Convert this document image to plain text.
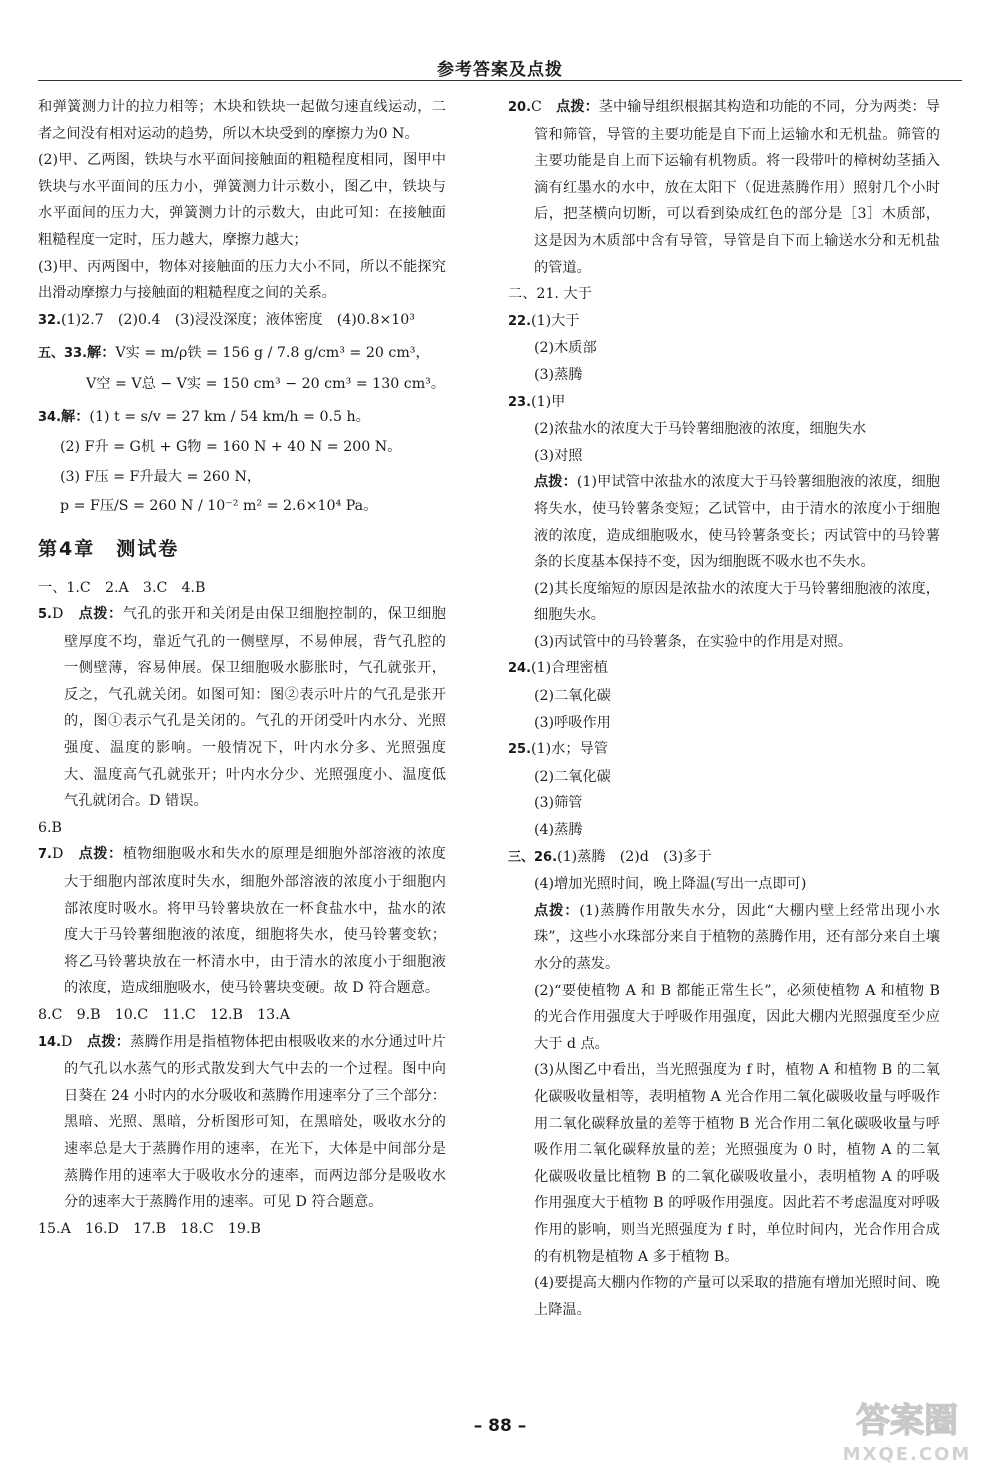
参考答案及点拨

和弹簧测力计的拉力相等；木块和铁块一起做匀速直线运动，二者之间没有相对运动的趋势，所以木块受到的摩擦力为0 N。

(2)甲、乙两图，铁块与水平面间接触面的粗糙程度相同，图甲中铁块与水平面间的压力小，弹簧测力计示数小，图乙中，铁块与水平面间的压力大，弹簧测力计的示数大，由此可知：在接触面粗糙程度一定时，压力越大，摩擦力越大；

(3)甲、丙两图中，物体对接触面的压力大小不同，所以不能探究出滑动摩擦力与接触面的粗糙程度之间的关系。

32.(1)2.7　(2)0.4　(3)浸没深度；液体密度　(4)0.8×10³

五、33.解：V实 = m/ρ铁 = 156 g / 7.8 g/cm³ = 20 cm³，

V空 = V总 − V实 = 150 cm³ − 20 cm³ = 130 cm³。

34.解：(1) t = s/v = 27 km / 54 km/h = 0.5 h。

(2) F升 = G机 + G物 = 160 N + 40 N = 200 N。

(3) F压 = F升最大 = 260 N，

p = F压/S = 260 N / 10⁻² m² = 2.6×10⁴ Pa。

第4章　测试卷

一、1.C　2.A　3.C　4.B

5.D　 点拨：气孔的张开和关闭是由保卫细胞控制的，保卫细胞壁厚度不均，靠近气孔的一侧壁厚，不易伸展，背气孔腔的一侧壁薄，容易伸展。保卫细胞吸水膨胀时，气孔就张开，反之，气孔就关闭。如图可知：图②表示叶片的气孔是张开的，图①表示气孔是关闭的。气孔的开闭受叶内水分、光照强度、温度的影响。一般情况下，叶内水分多、光照强度大、温度高气孔就张开；叶内水分少、光照强度小、温度低气孔就闭合。D 错误。

6.B

7.D　 点拨：植物细胞吸水和失水的原理是细胞外部溶液的浓度大于细胞内部浓度时失水，细胞外部溶液的浓度小于细胞内部浓度时吸水。将甲马铃薯块放在一杯食盐水中，盐水的浓度大于马铃薯细胞液的浓度，细胞将失水，使马铃薯变软；将乙马铃薯块放在一杯清水中，由于清水的浓度小于细胞液的浓度，造成细胞吸水，使马铃薯块变硬。故 D 符合题意。

8.C　9.B　10.C　11.C　12.B　13.A

14.D　 点拨：蒸腾作用是指植物体把由根吸收来的水分通过叶片的气孔以水蒸气的形式散发到大气中去的一个过程。图中向日葵在 24 小时内的水分吸收和蒸腾作用速率分了三个部分：黑暗、光照、黑暗，分析图形可知，在黑暗处，吸收水分的速率总是大于蒸腾作用的速率，在光下，大体是中间部分是蒸腾作用的速率大于吸收水分的速率，而两边部分是吸收水分的速率大于蒸腾作用的速率。可见 D 符合题意。

15.A　16.D　17.B　18.C　19.B

20.C　 点拨：茎中输导组织根据其构造和功能的不同，分为两类：导管和筛管，导管的主要功能是自下而上运输水和无机盐。筛管的主要功能是自上而下运输有机物质。将一段带叶的樟树幼茎插入滴有红墨水的水中，放在太阳下（促进蒸腾作用）照射几个小时后，把茎横向切断，可以看到染成红色的部分是［3］木质部，这是因为木质部中含有导管，导管是自下而上输送水分和无机盐的管道。

二、21. 大于

22.(1)大于

(2)木质部

(3)蒸腾

23.(1)甲

(2)浓盐水的浓度大于马铃薯细胞液的浓度，细胞失水

(3)对照

点拨：(1)甲试管中浓盐水的浓度大于马铃薯细胞液的浓度，细胞将失水，使马铃薯条变短；乙试管中，由于清水的浓度小于细胞液的浓度，造成细胞吸水，使马铃薯条变长；丙试管中的马铃薯条的长度基本保持不变，因为细胞既不吸水也不失水。

(2)其长度缩短的原因是浓盐水的浓度大于马铃薯细胞液的浓度，细胞失水。

(3)丙试管中的马铃薯条，在实验中的作用是对照。

24.(1)合理密植

(2)二氧化碳

(3)呼吸作用

25.(1)水；导管

(2)二氧化碳

(3)筛管

(4)蒸腾

三、26.(1)蒸腾　(2)d　(3)多于

(4)增加光照时间，晚上降温(写出一点即可)

点拨：(1)蒸腾作用散失水分，因此“大棚内壁上经常出现小水珠”，这些小水珠部分来自于植物的蒸腾作用，还有部分来自土壤水分的蒸发。

(2)“要使植物 A 和 B 都能正常生长”，必须使植物 A 和植物 B 的光合作用强度大于呼吸作用强度，因此大棚内光照强度至少应大于 d 点。

(3)从图乙中看出，当光照强度为 f 时，植物 A 和植物 B 的二氧化碳吸收量相等，表明植物 A 光合作用二氧化碳吸收量与呼吸作用二氧化碳释放量的差等于植物 B 光合作用二氧化碳吸收量与呼吸作用二氧化碳释放量的差；光照强度为 0 时，植物 A 的二氧化碳吸收量比植物 B 的二氧化碳吸收量小，表明植物 A 的呼吸作用强度大于植物 B 的呼吸作用强度。因此若不考虑温度对呼吸作用的影响，则当光照强度为 f 时，单位时间内，光合作用合成的有机物是植物 A 多于植物 B。

(4)要提高大棚内作物的产量可以采取的措施有增加光照时间、晚上降温。

– 88 –	答案圈
MXQE.COM
